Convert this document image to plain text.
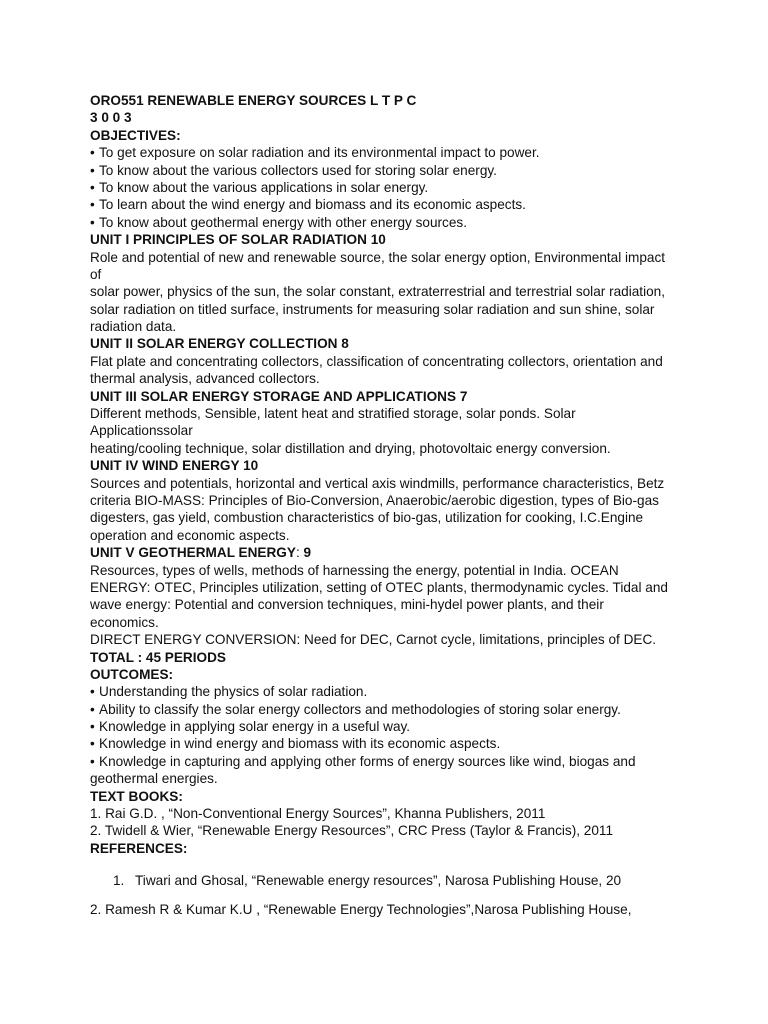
ORO551 RENEWABLE ENERGY SOURCES L T P C
3 0 0 3
OBJECTIVES:
• To get exposure on solar radiation and its environmental impact to power.
• To know about the various collectors used for storing solar energy.
• To know about the various applications in solar energy.
• To learn about the wind energy and biomass and its economic aspects.
• To know about geothermal energy with other energy sources.
UNIT I PRINCIPLES OF SOLAR RADIATION 10
Role and potential of new and renewable source, the solar energy option, Environmental impact
of
solar power, physics of the sun, the solar constant, extraterrestrial and terrestrial solar radiation,
solar radiation on titled surface, instruments for measuring solar radiation and sun shine, solar
radiation data.
UNIT II SOLAR ENERGY COLLECTION 8
Flat plate and concentrating collectors, classification of concentrating collectors, orientation and
thermal analysis, advanced collectors.
UNIT III SOLAR ENERGY STORAGE AND APPLICATIONS 7
Different methods, Sensible, latent heat and stratified storage, solar ponds. Solar
Applicationssolar
heating/cooling technique, solar distillation and drying, photovoltaic energy conversion.
UNIT IV WIND ENERGY 10
Sources and potentials, horizontal and vertical axis windmills, performance characteristics, Betz
criteria BIO-MASS: Principles of Bio-Conversion, Anaerobic/aerobic digestion, types of Bio-gas
digesters, gas yield, combustion characteristics of bio-gas, utilization for cooking, I.C.Engine
operation and economic aspects.
UNIT V GEOTHERMAL ENERGY: 9
Resources, types of wells, methods of harnessing the energy, potential in India. OCEAN
ENERGY: OTEC, Principles utilization, setting of OTEC plants, thermodynamic cycles. Tidal and
wave energy: Potential and conversion techniques, mini-hydel power plants, and their
economics.
DIRECT ENERGY CONVERSION: Need for DEC, Carnot cycle, limitations, principles of DEC.
TOTAL : 45 PERIODS
OUTCOMES:
• Understanding the physics of solar radiation.
• Ability to classify the solar energy collectors and methodologies of storing solar energy.
• Knowledge in applying solar energy in a useful way.
• Knowledge in wind energy and biomass with its economic aspects.
• Knowledge in capturing and applying other forms of energy sources like wind, biogas and
geothermal energies.
TEXT BOOKS:
1. Rai G.D. , “Non-Conventional Energy Sources”, Khanna Publishers, 2011
2. Twidell & Wier, “Renewable Energy Resources”, CRC Press (Taylor & Francis), 2011
REFERENCES:
1. Tiwari and Ghosal, “Renewable energy resources”, Narosa Publishing House, 20
2. Ramesh R & Kumar K.U , “Renewable Energy Technologies”,Narosa Publishing House,
